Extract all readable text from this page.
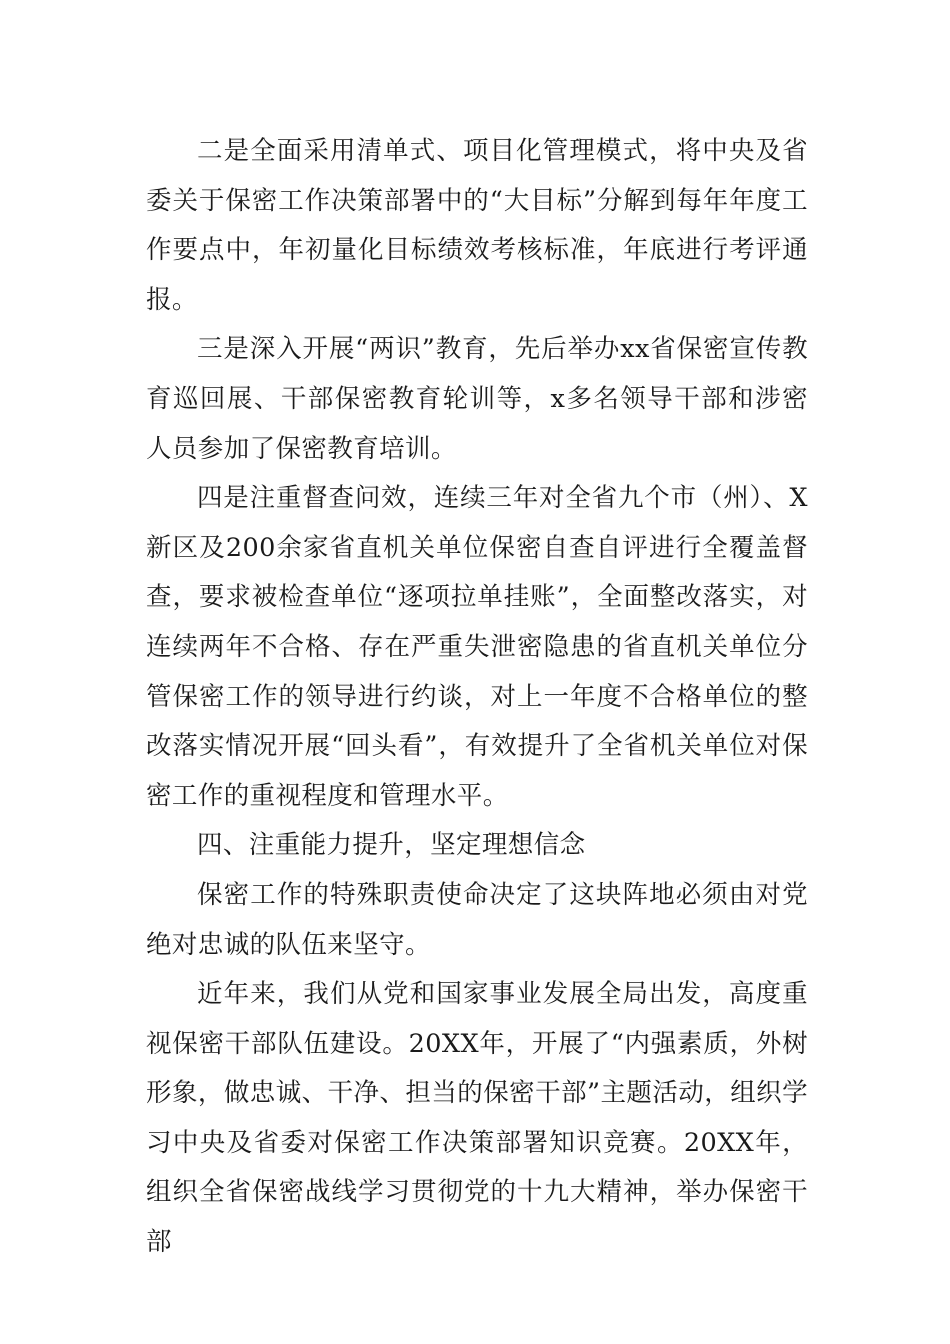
二是全面采用清单式、项目化管理模式，将中央及省委关于保密工作决策部署中的“大目标”分解到每年年度工作要点中，年初量化目标绩效考核标准，年底进行考评通报。

三是深入开展“两识”教育，先后举办xx省保密宣传教育巡回展、干部保密教育轮训等，x多名领导干部和涉密人员参加了保密教育培训。

四是注重督查问效，连续三年对全省九个市（州）、X新区及200余家省直机关单位保密自查自评进行全覆盖督查，要求被检查单位“逐项拉单挂账”，全面整改落实，对连续两年不合格、存在严重失泄密隐患的省直机关单位分管保密工作的领导进行约谈，对上一年度不合格单位的整改落实情况开展“回头看”，有效提升了全省机关单位对保密工作的重视程度和管理水平。

四、注重能力提升，坚定理想信念

保密工作的特殊职责使命决定了这块阵地必须由对党绝对忠诚的队伍来坚守。

近年来，我们从党和国家事业发展全局出发，高度重视保密干部队伍建设。20XX年，开展了“内强素质，外树形象，做忠诚、干净、担当的保密干部”主题活动，组织学习中央及省委对保密工作决策部署知识竞赛。20XX年，组织全省保密战线学习贯彻党的十九大精神，举办保密干部
